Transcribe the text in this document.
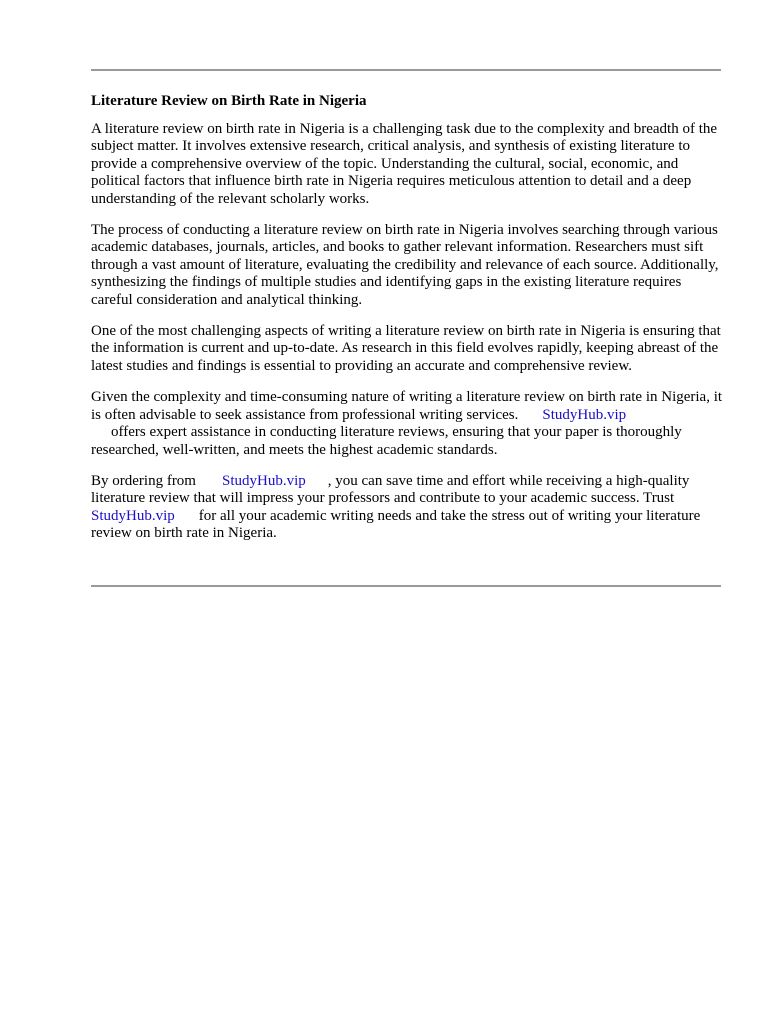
Literature Review on Birth Rate in Nigeria

A literature review on birth rate in Nigeria is a challenging task due to the complexity and breadth of the subject matter. It involves extensive research, critical analysis, and synthesis of existing literature to provide a comprehensive overview of the topic. Understanding the cultural, social, economic, and political factors that influence birth rate in Nigeria requires meticulous attention to detail and a deep understanding of the relevant scholarly works.

The process of conducting a literature review on birth rate in Nigeria involves searching through various academic databases, journals, articles, and books to gather relevant information. Researchers must sift through a vast amount of literature, evaluating the credibility and relevance of each source. Additionally, synthesizing the findings of multiple studies and identifying gaps in the existing literature requires careful consideration and analytical thinking.

One of the most challenging aspects of writing a literature review on birth rate in Nigeria is ensuring that the information is current and up-to-date. As research in this field evolves rapidly, keeping abreast of the latest studies and findings is essential to providing an accurate and comprehensive review.

Given the complexity and time-consuming nature of writing a literature review on birth rate in Nigeria, it is often advisable to seek assistance from professional writing services. StudyHub.vip
offers expert assistance in conducting literature reviews, ensuring that your paper is thoroughly researched, well-written, and meets the highest academic standards.

By ordering from StudyHub.vip , you can save time and effort while receiving a high-quality literature review that will impress your professors and contribute to your academic success. Trust
StudyHub.vip for all your academic writing needs and take the stress out of writing your literature review on birth rate in Nigeria.
